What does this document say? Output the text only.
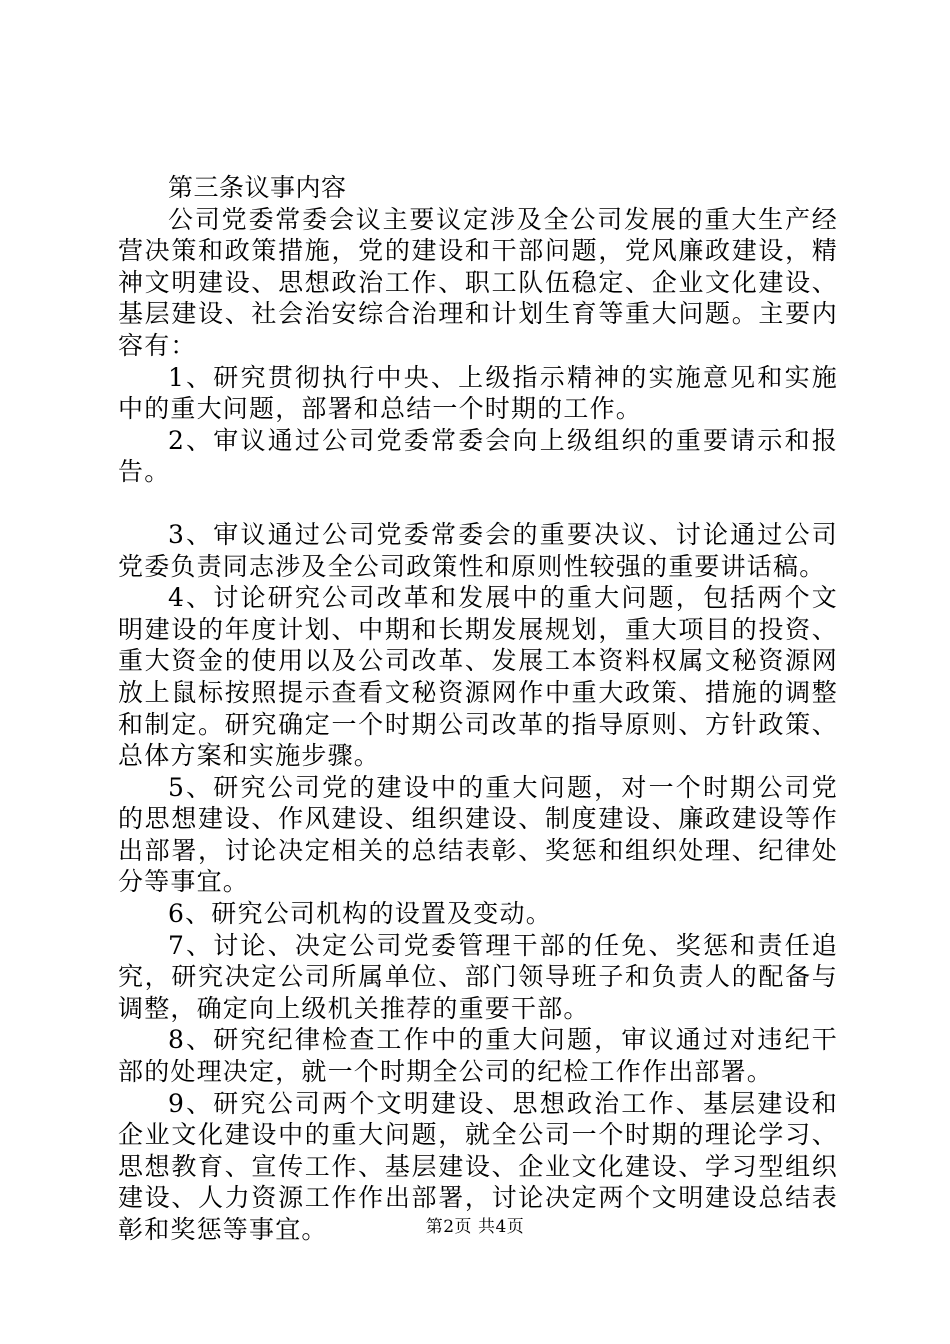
第三条议事内容

公司党委常委会议主要议定涉及全公司发展的重大生产经营决策和政策措施，党的建设和干部问题，党风廉政建设，精神文明建设、思想政治工作、职工队伍稳定、企业文化建设、基层建设、社会治安综合治理和计划生育等重大问题。主要内容有：

1、研究贯彻执行中央、上级指示精神的实施意见和实施中的重大问题，部署和总结一个时期的工作。

2、审议通过公司党委常委会向上级组织的重要请示和报告。

3、审议通过公司党委常委会的重要决议、讨论通过公司党委负责同志涉及全公司政策性和原则性较强的重要讲话稿。

4、讨论研究公司改革和发展中的重大问题，包括两个文明建设的年度计划、中期和长期发展规划，重大项目的投资、重大资金的使用以及公司改革、发展工本资料权属文秘资源网放上鼠标按照提示查看文秘资源网作中重大政策、措施的调整和制定。研究确定一个时期公司改革的指导原则、方针政策、总体方案和实施步骤。

5、研究公司党的建设中的重大问题，对一个时期公司党的思想建设、作风建设、组织建设、制度建设、廉政建设等作出部署，讨论决定相关的总结表彰、奖惩和组织处理、纪律处分等事宜。

6、研究公司机构的设置及变动。

7、讨论、决定公司党委管理干部的任免、奖惩和责任追究，研究决定公司所属单位、部门领导班子和负责人的配备与调整，确定向上级机关推荐的重要干部。

8、研究纪律检查工作中的重大问题，审议通过对违纪干部的处理决定，就一个时期全公司的纪检工作作出部署。

9、研究公司两个文明建设、思想政治工作、基层建设和企业文化建设中的重大问题，就全公司一个时期的理论学习、思想教育、宣传工作、基层建设、企业文化建设、学习型组织建设、人力资源工作作出部署，讨论决定两个文明建设总结表彰和奖惩等事宜。	第2页 共4页
